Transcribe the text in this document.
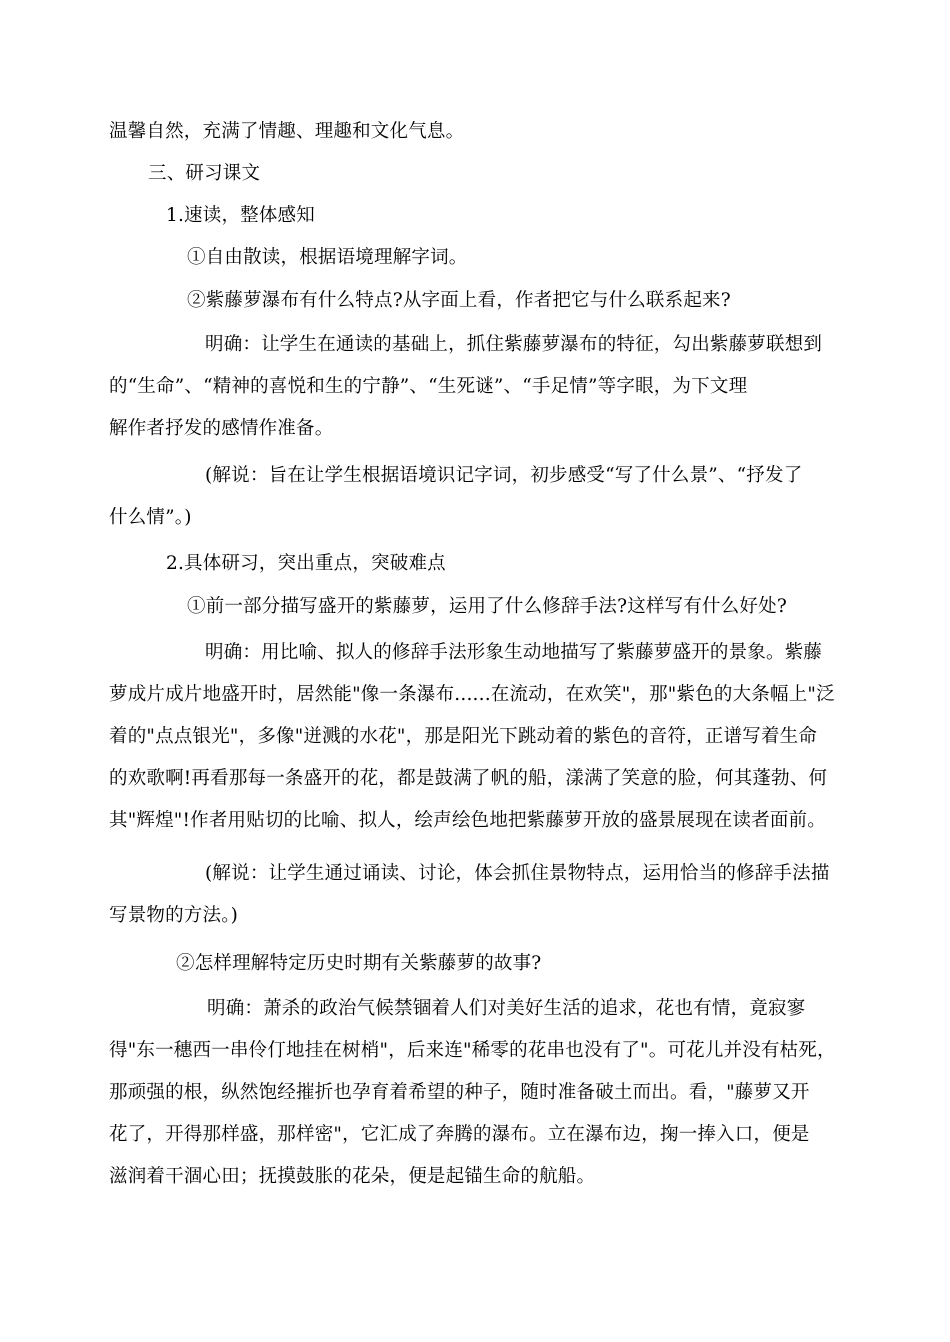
温馨自然，充满了情趣、理趣和文化气息。
三、研习课文
1.速读，整体感知
①自由散读，根据语境理解字词。
②紫藤萝瀑布有什么特点?从字面上看，作者把它与什么联系起来?
明确：让学生在通读的基础上，抓住紫藤萝瀑布的特征，勾出紫藤萝联想到
的“生命”、“精神的喜悦和生的宁静”、“生死谜”、“手足情”等字眼，为下文理
解作者抒发的感情作准备。
(解说：旨在让学生根据语境识记字词，初步感受“写了什么景”、“抒发了
什么情”。)
2.具体研习，突出重点，突破难点
①前一部分描写盛开的紫藤萝，运用了什么修辞手法?这样写有什么好处?
明确：用比喻、拟人的修辞手法形象生动地描写了紫藤萝盛开的景象。紫藤
萝成片成片地盛开时，居然能"像一条瀑布......在流动，在欢笑"，那"紫色的大条幅上"泛
着的"点点银光"，多像"迸溅的水花"，那是阳光下跳动着的紫色的音符，正谱写着生命
的欢歌啊!再看那每一条盛开的花，都是鼓满了帆的船，漾满了笑意的脸，何其蓬勃、何
其"辉煌"!作者用贴切的比喻、拟人，绘声绘色地把紫藤萝开放的盛景展现在读者面前。
(解说：让学生通过诵读、讨论，体会抓住景物特点，运用恰当的修辞手法描
写景物的方法。)
②怎样理解特定历史时期有关紫藤萝的故事?
明确：萧杀的政治气候禁锢着人们对美好生活的追求，花也有情，竟寂寥
得"东一穗西一串伶仃地挂在树梢"，后来连"稀零的花串也没有了"。可花儿并没有枯死，
那顽强的根，纵然饱经摧折也孕育着希望的种子，随时准备破土而出。看，"藤萝又开
花了，开得那样盛，那样密"，它汇成了奔腾的瀑布。立在瀑布边，掬一捧入口，便是
滋润着干涸心田；抚摸鼓胀的花朵，便是起锚生命的航船。
